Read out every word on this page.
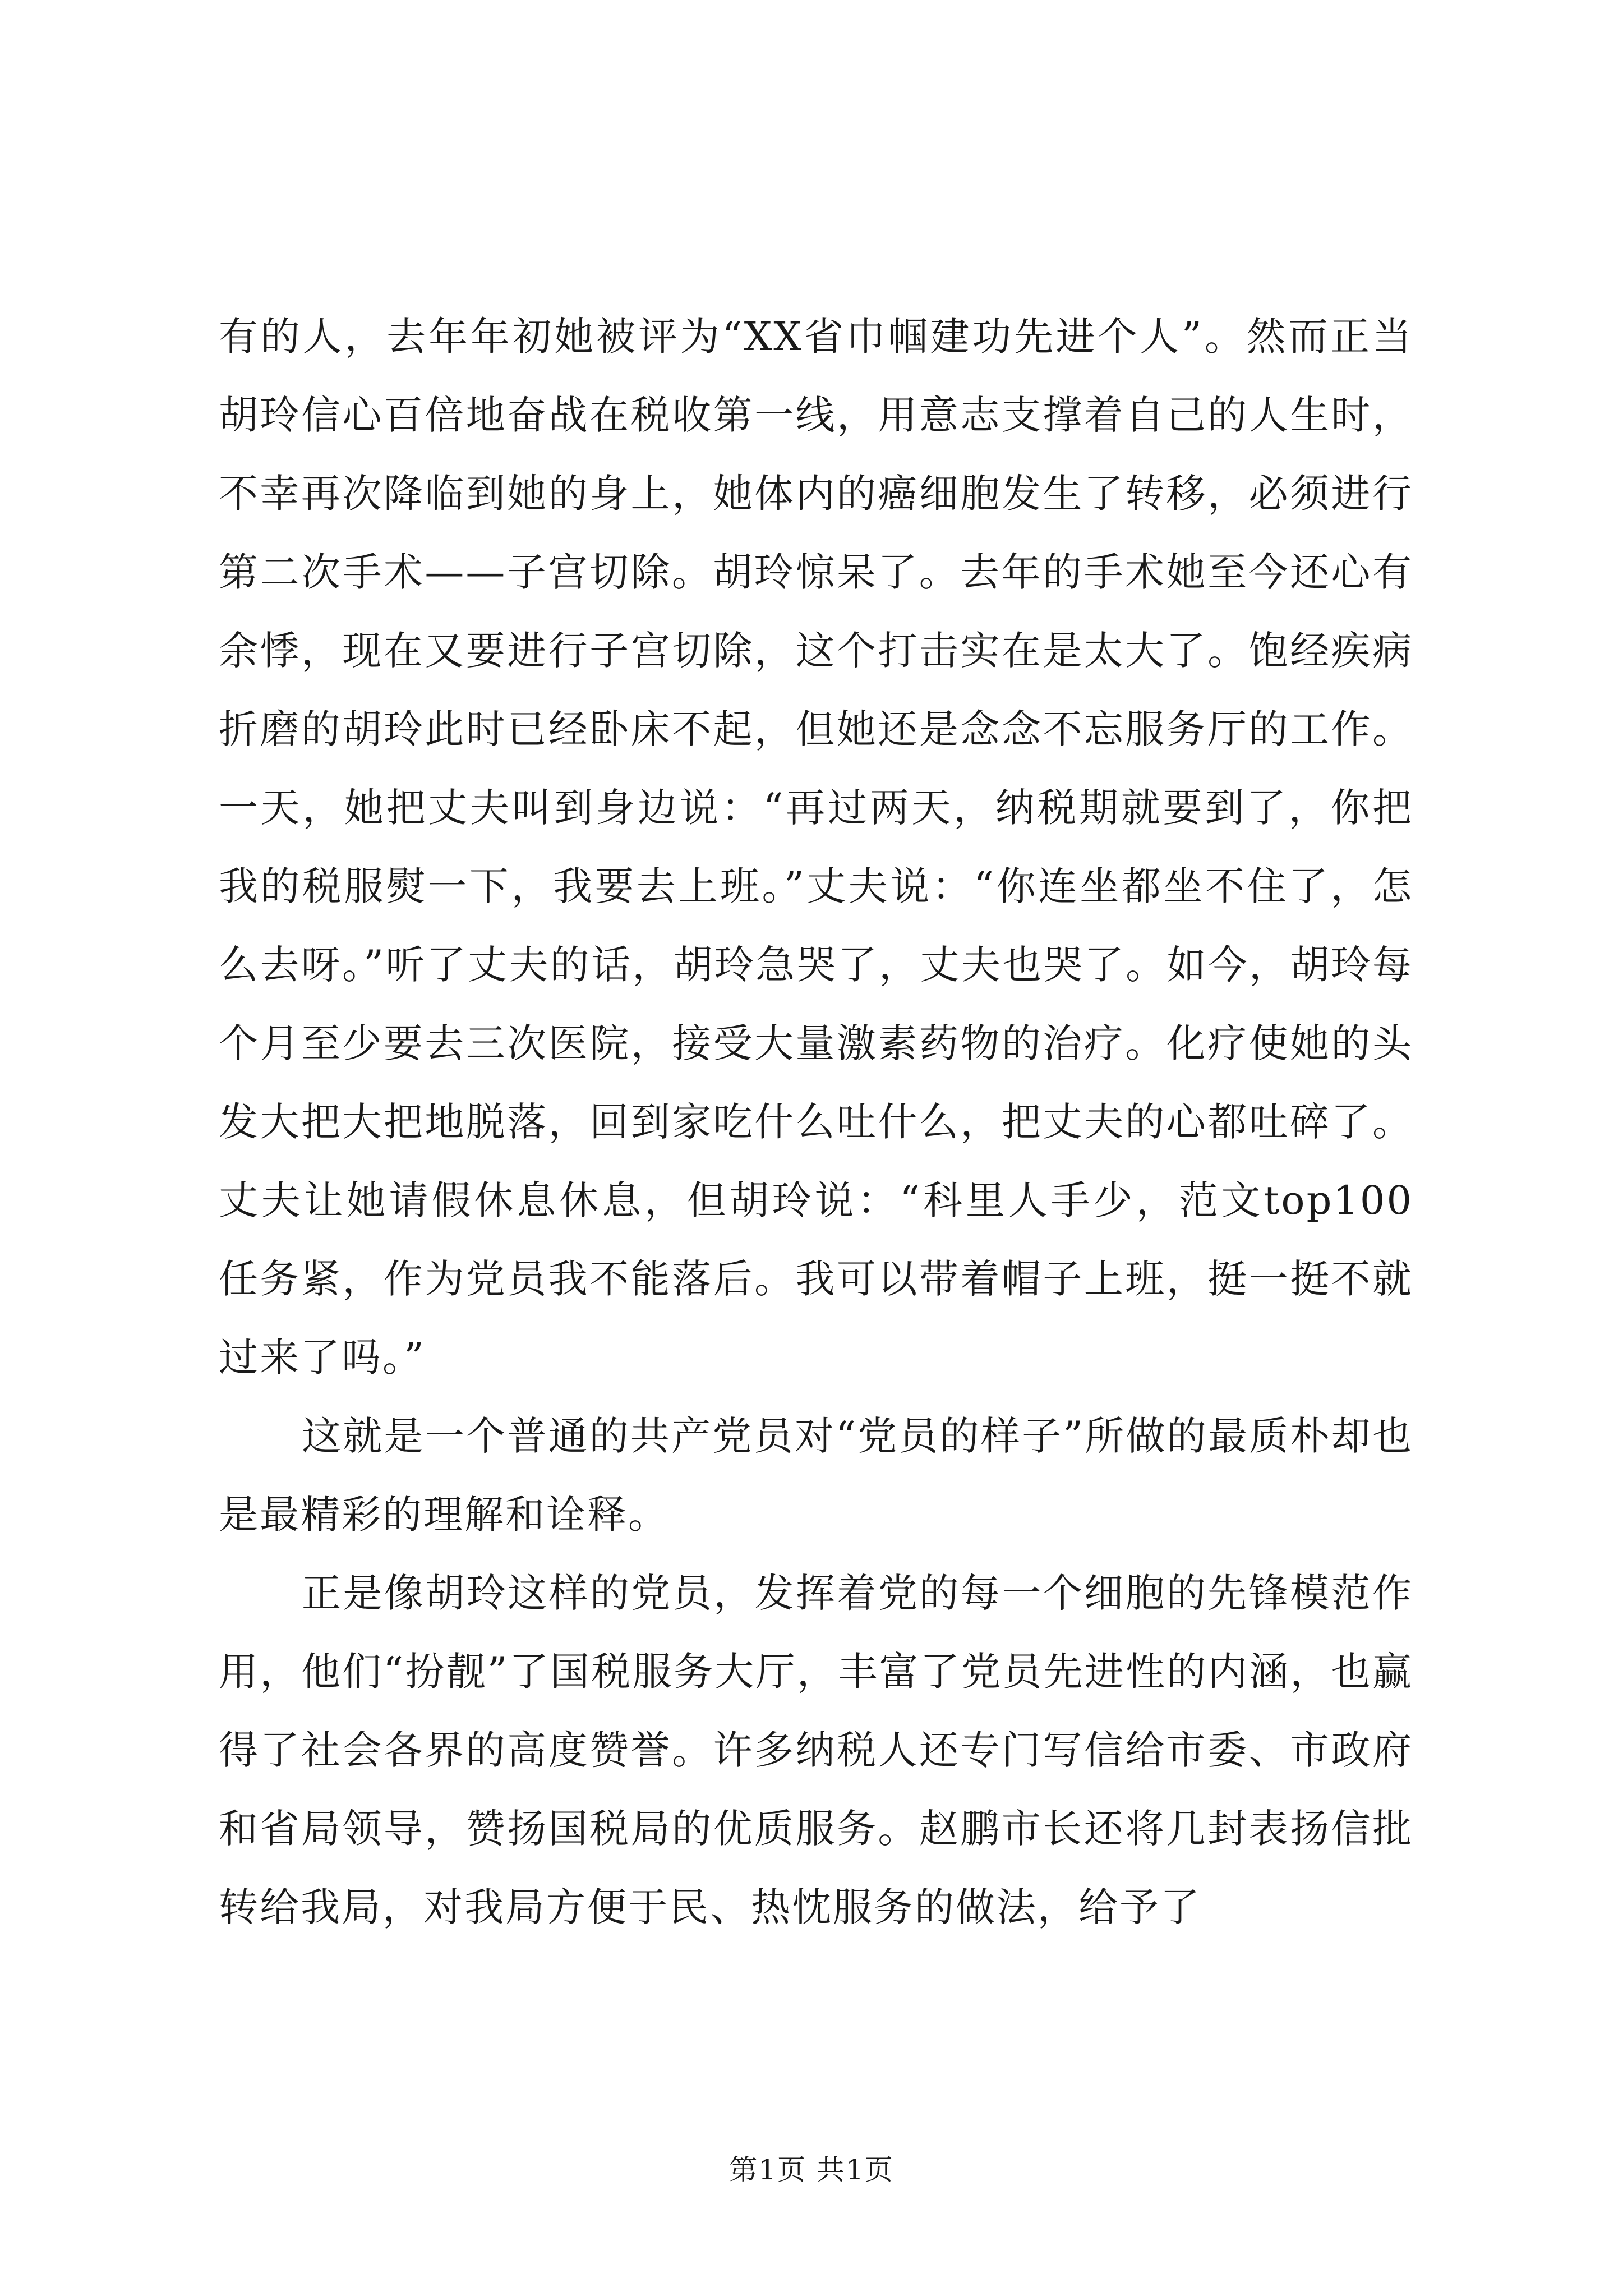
有的人，去年年初她被评为“XX省巾帼建功先进个人”。然而正当胡玲信心百倍地奋战在税收第一线，用意志支撑着自己的人生时，不幸再次降临到她的身上，她体内的癌细胞发生了转移，必须进行第二次手术——子宫切除。胡玲惊呆了。去年的手术她至今还心有余悸，现在又要进行子宫切除，这个打击实在是太大了。饱经疾病折磨的胡玲此时已经卧床不起，但她还是念念不忘服务厅的工作。一天，她把丈夫叫到身边说：“再过两天，纳税期就要到了，你把我的税服熨一下，我要去上班。”丈夫说：“你连坐都坐不住了，怎么去呀。”听了丈夫的话，胡玲急哭了，丈夫也哭了。如今，胡玲每个月至少要去三次医院，接受大量激素药物的治疗。化疗使她的头发大把大把地脱落，回到家吃什么吐什么，把丈夫的心都吐碎了。丈夫让她请假休息休息，但胡玲说：“科里人手少，范文top100任务紧，作为党员我不能落后。我可以带着帽子上班，挺一挺不就过来了吗。”

这就是一个普通的共产党员对“党员的样子”所做的最质朴却也是最精彩的理解和诠释。

正是像胡玲这样的党员，发挥着党的每一个细胞的先锋模范作用，他们“扮靓”了国税服务大厅，丰富了党员先进性的内涵，也赢得了社会各界的高度赞誉。许多纳税人还专门写信给市委、市政府和省局领导，赞扬国税局的优质服务。赵鹏市长还将几封表扬信批转给我局，对我局方便于民、热忱服务的做法，给予了

第1页 共1页
